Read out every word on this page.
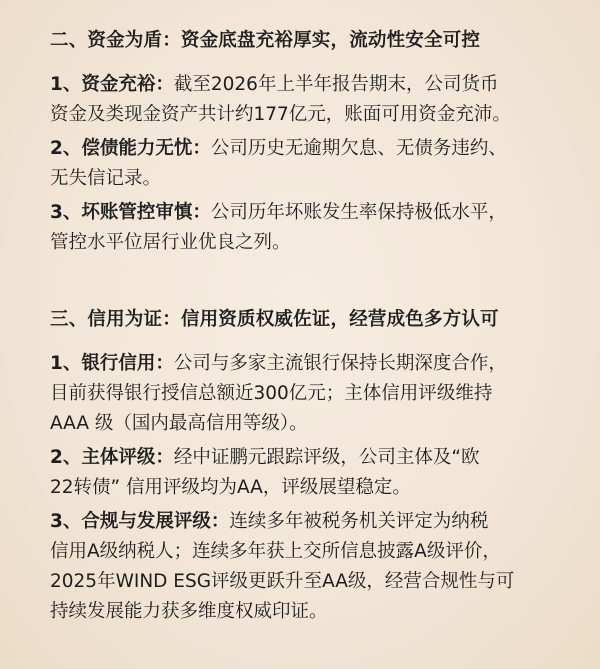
二、资金为盾：资金底盘充裕厚实，流动性安全可控

1、资金充裕：截至2026年上半年报告期末，公司货币
资金及类现金资产共计约177亿元，账面可用资金充沛。

2、偿债能力无忧：公司历史无逾期欠息、无债务违约、
无失信记录。

3、坏账管控审慎：公司历年坏账发生率保持极低水平，
管控水平位居行业优良之列。

三、信用为证：信用资质权威佐证，经营成色多方认可

1、银行信用：公司与多家主流银行保持长期深度合作，
目前获得银行授信总额近300亿元；主体信用评级维持
AAA 级（国内最高信用等级）。

2、主体评级：经中证鹏元跟踪评级，公司主体及“欧
22转债” 信用评级均为AA，评级展望稳定。

3、合规与发展评级：连续多年被税务机关评定为纳税
信用A级纳税人；连续多年获上交所信息披露A级评价，
2025年WIND ESG评级更跃升至AA级，经营合规性与可
持续发展能力获多维度权威印证。
